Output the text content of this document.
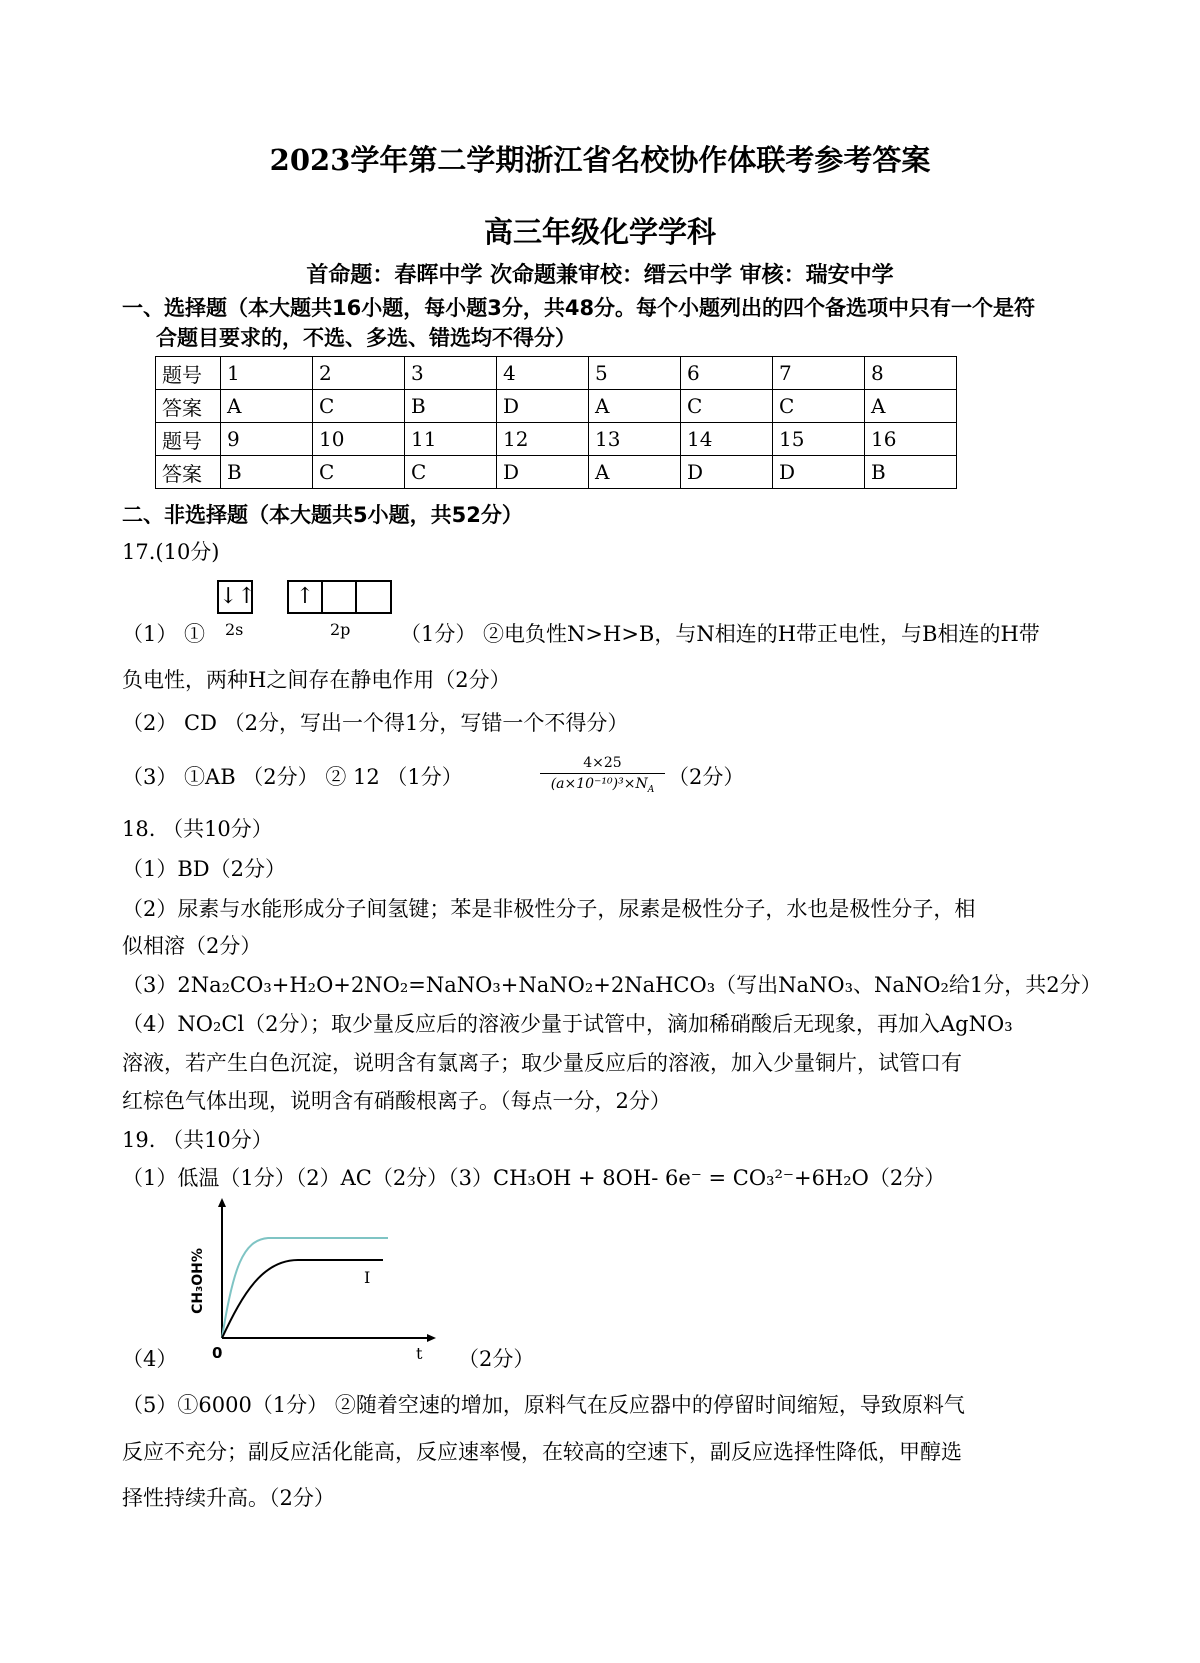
2023学年第二学期浙江省名校协作体联考参考答案
高三年级化学学科
首命题：春晖中学 次命题兼审校：缙云中学 审核：瑞安中学
一、选择题（本大题共16小题，每小题3分，共48分。每个小题列出的四个备选项中只有一个是符
合题目要求的，不选、多选、错选均不得分）
题号	1	2	3	4	5	6	7	8
答案	A	C	B	D	A	C	C	A
题号	9	10	11	12	13	14	15	16
答案	B	C	C	D	A	D	D	B
二、非选择题（本大题共5小题，共52分）
17.(10分)
↓↑	↑
2s	2p
（1） ①	（1分） ②电负性N>H>B，与N相连的H带正电性，与B相连的H带
负电性，两种H之间存在静电作用（2分）
（2） CD （2分，写出一个得1分，写错一个不得分）
（3） ①AB （2分） ② 12 （1分）	$\frac{4\times 25}{(a\times 10^{-10})^3\times N_A} (2$分）
18. （共10分）
（1）BD（2分）
（2）尿素与水能形成分子间氢键；苯是非极性分子，尿素是极性分子，水也是极性分子，相
似相溶（2分）
（3）2Na₂CO₃+H₂O+2NO₂=NaNO₃+NaNO₂+2NaHCO₃（写出NaNO₃、NaNO₂给1分，共2分）
（4）NO₂Cl（2分）；取少量反应后的溶液少量于试管中，滴加稀硝酸后无现象，再加入AgNO₃
溶液，若产生白色沉淀，说明含有氯离子；取少量反应后的溶液，加入少量铜片，试管口有
红棕色气体出现，说明含有硝酸根离子。（每点一分，2分）
19. （共10分）
（1）低温（1分）（2）AC（2分）（3）CH₃OH + 8OH- 6e⁻ = CO₃²⁻+6H₂O（2分）
I
CH₃OH%
0	t
（4）	（2分）
（5）①6000（1分） ②随着空速的增加，原料气在反应器中的停留时间缩短，导致原料气
反应不充分；副反应活化能高，反应速率慢，在较高的空速下，副反应选择性降低，甲醇选
择性持续升高。（2分）
